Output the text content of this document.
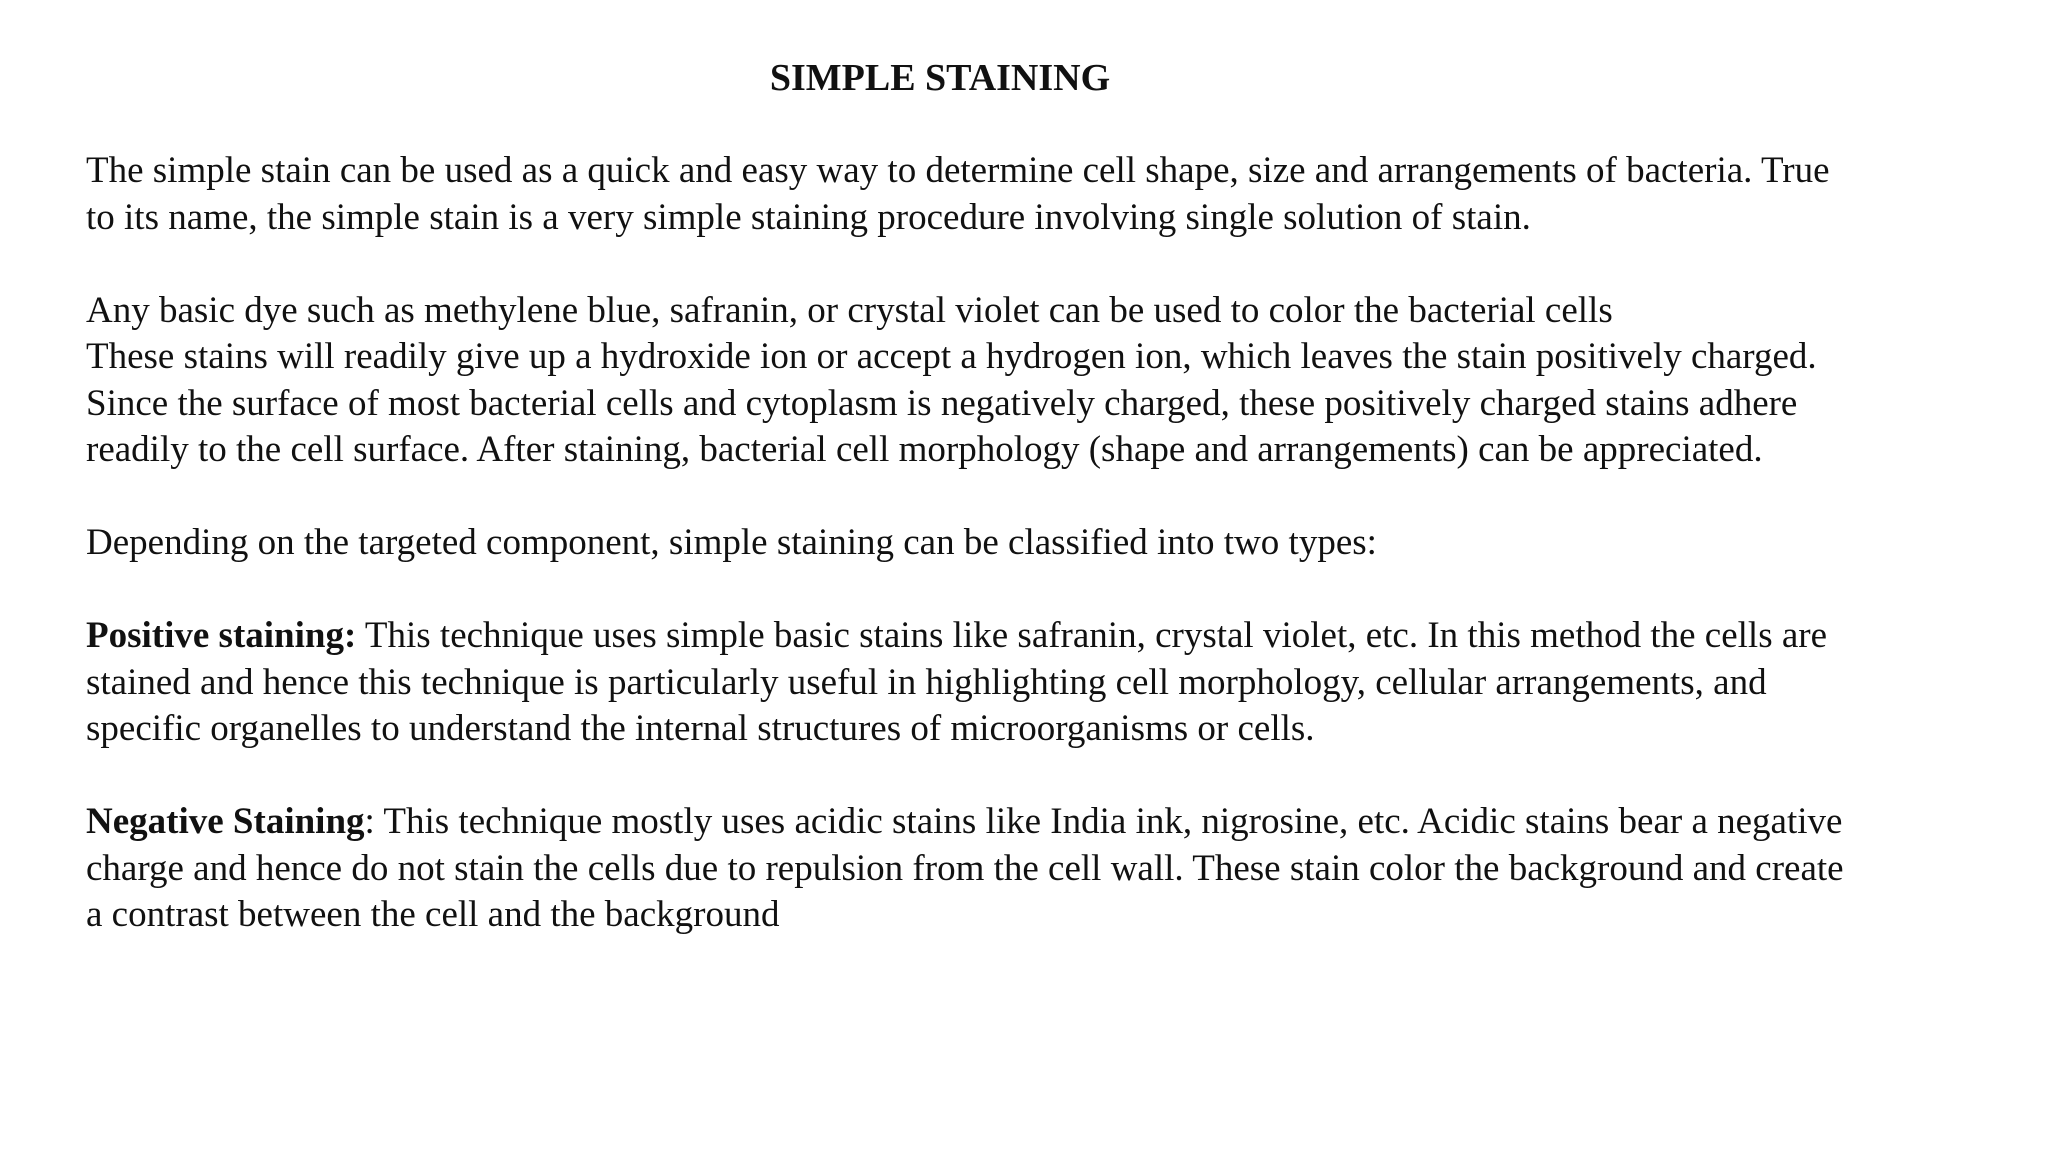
SIMPLE STAINING

The simple stain can be used as a quick and easy way to determine cell shape, size and arrangements of bacteria. True
to its name, the simple stain is a very simple staining procedure involving single solution of stain.

Any basic dye such as methylene blue, safranin, or crystal violet can be used to color the bacterial cells
These stains will readily give up a hydroxide ion or accept a hydrogen ion, which leaves the stain positively charged.
Since the surface of most bacterial cells and cytoplasm is negatively charged, these positively charged stains adhere
readily to the cell surface. After staining, bacterial cell morphology (shape and arrangements) can be appreciated.

Depending on the targeted component, simple staining can be classified into two types:

Positive staining: This technique uses simple basic stains like safranin, crystal violet, etc. In this method the cells are
stained and hence this technique is particularly useful in highlighting cell morphology, cellular arrangements, and
specific organelles to understand the internal structures of microorganisms or cells.

Negative Staining: This technique mostly uses acidic stains like India ink, nigrosine, etc. Acidic stains bear a negative
charge and hence do not stain the cells due to repulsion from the cell wall. These stain color the background and create
a contrast between the cell and the background
